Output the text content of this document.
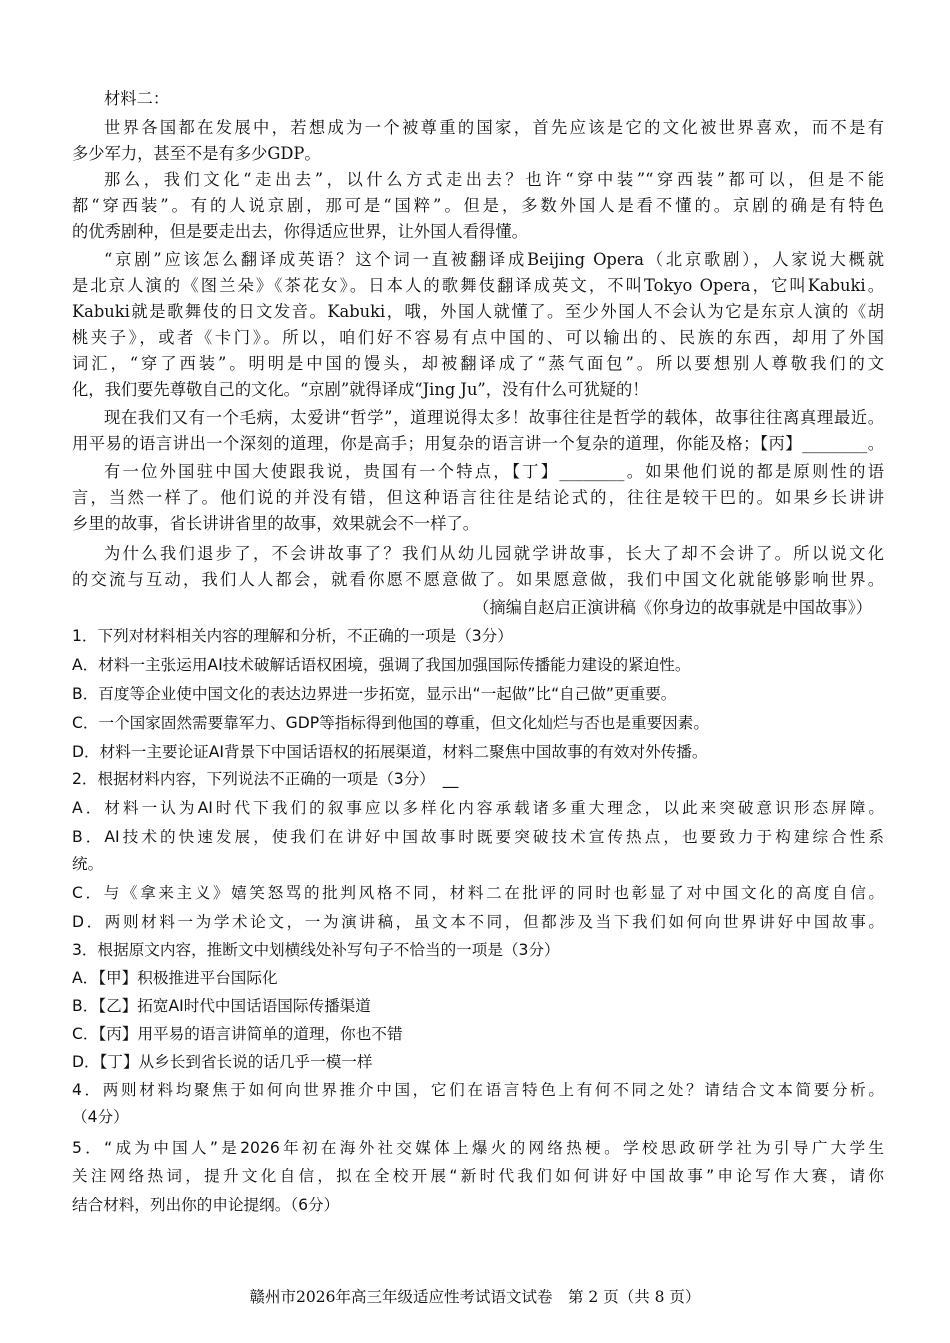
材料二：
世界各国都在发展中，若想成为一个被尊重的国家，首先应该是它的文化被世界喜欢，而不是有
多少军力，甚至不是有多少GDP。
那么，我们文化“走出去”，以什么方式走出去？也许“穿中装”“穿西装”都可以，但是不能
都“穿西装”。有的人说京剧，那可是“国粹”。但是，多数外国人是看不懂的。京剧的确是有特色
的优秀剧种，但是要走出去，你得适应世界，让外国人看得懂。
“京剧”应该怎么翻译成英语？这个词一直被翻译成Beijing Opera（北京歌剧），人家说大概就
是北京人演的《图兰朵》《茶花女》。日本人的歌舞伎翻译成英文，不叫Tokyo Opera，它叫Kabuki。
Kabuki就是歌舞伎的日文发音。Kabuki，哦，外国人就懂了。至少外国人不会认为它是东京人演的《胡
桃夹子》，或者《卡门》。所以，咱们好不容易有点中国的、可以输出的、民族的东西，却用了外国
词汇，“穿了西装”。明明是中国的馒头，却被翻译成了“蒸气面包”。所以要想别人尊敬我们的文
化，我们要先尊敬自己的文化。“京剧”就得译成“Jing Ju”，没有什么可犹疑的！
现在我们又有一个毛病，太爱讲“哲学”，道理说得太多！故事往往是哲学的载体，故事往往离真理最近。
用平易的语言讲出一个深刻的道理，你是高手；用复杂的语言讲一个复杂的道理，你能及格；【丙】________。
有一位外国驻中国大使跟我说，贵国有一个特点，【丁】________。如果他们说的都是原则性的语
言，当然一样了。他们说的并没有错，但这种语言往往是结论式的，往往是较干巴的。如果乡长讲讲
乡里的故事，省长讲讲省里的故事，效果就会不一样了。
为什么我们退步了，不会讲故事了？我们从幼儿园就学讲故事，长大了却不会讲了。所以说文化
的交流与互动，我们人人都会，就看你愿不愿意做了。如果愿意做，我们中国文化就能够影响世界。
（摘编自赵启正演讲稿《你身边的故事就是中国故事》）
1．下列对材料相关内容的理解和分析，不正确的一项是（3分）
A．材料一主张运用AI技术破解话语权困境，强调了我国加强国际传播能力建设的紧迫性。
B．百度等企业使中国文化的表达边界进一步拓宽，显示出“一起做”比“自己做”更重要。
C．一个国家固然需要靠军力、GDP等指标得到他国的尊重，但文化灿烂与否也是重要因素。
D．材料一主要论证AI背景下中国话语权的拓展渠道，材料二聚焦中国故事的有效对外传播。
2．根据材料内容，下列说法不正确的一项是（3分）　__
A．材料一认为AI时代下我们的叙事应以多样化内容承载诸多重大理念，以此来突破意识形态屏障。
B．AI技术的快速发展，使我们在讲好中国故事时既要突破技术宣传热点，也要致力于构建综合性系
统。
C．与《拿来主义》嬉笑怒骂的批判风格不同，材料二在批评的同时也彰显了对中国文化的高度自信。
D．两则材料一为学术论文，一为演讲稿，虽文本不同，但都涉及当下我们如何向世界讲好中国故事。
3．根据原文内容，推断文中划横线处补写句子不恰当的一项是（3分）
A．【甲】积极推进平台国际化
B．【乙】拓宽AI时代中国话语国际传播渠道
C．【丙】用平易的语言讲简单的道理，你也不错
D．【丁】从乡长到省长说的话几乎一模一样
4．两则材料均聚焦于如何向世界推介中国，它们在语言特色上有何不同之处？请结合文本简要分析。
（4分）
5．“成为中国人”是2026年初在海外社交媒体上爆火的网络热梗。学校思政研学社为引导广大学生
关注网络热词，提升文化自信，拟在全校开展“新时代我们如何讲好中国故事”申论写作大赛，请你
结合材料，列出你的申论提纲。（6分）
赣州市2026年高三年级适应性考试语文试卷　第 2 页（共 8 页）
